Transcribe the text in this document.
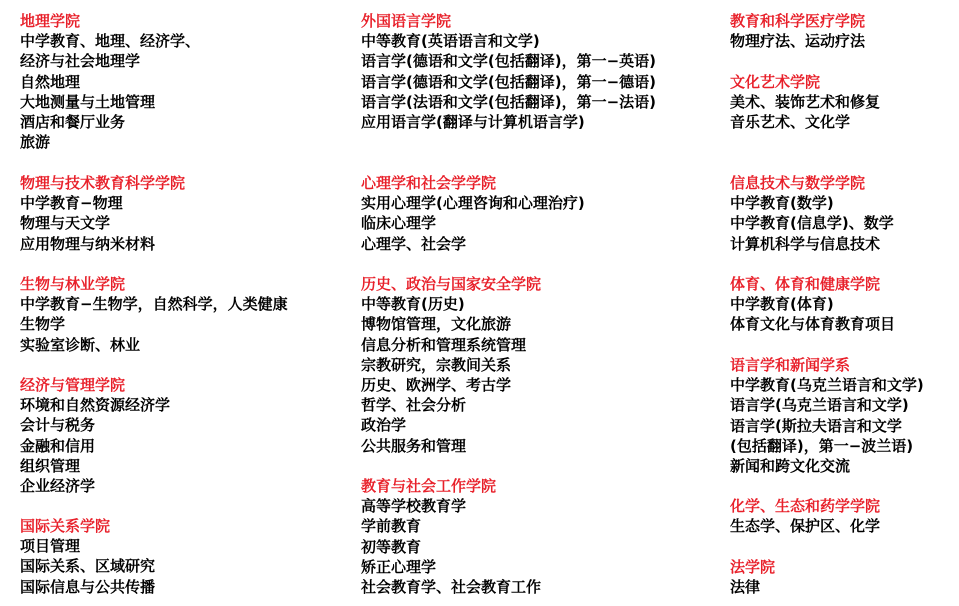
地理学院
中学教育、地理、经济学、
经济与社会地理学
自然地理
大地测量与土地管理
酒店和餐厅业务
旅游
物理与技术教育科学学院
中学教育−物理
物理与天文学
应用物理与纳米材料
生物与林业学院
中学教育−生物学，自然科学，人类健康
生物学
实验室诊断、林业
经济与管理学院
环境和自然资源经济学
会计与税务
金融和信用
组织管理
企业经济学
国际关系学院
项目管理
国际关系、区域研究
国际信息与公共传播
外国语言学院
中等教育(英语语言和文学)
语言学(德语和文学(包括翻译)，第一−英语)
语言学(德语和文学(包括翻译)，第一−德语)
语言学(法语和文学(包括翻译)，第一−法语)
应用语言学(翻译与计算机语言学)
心理学和社会学学院
实用心理学(心理咨询和心理治疗)
临床心理学
心理学、社会学
历史、政治与国家安全学院
中等教育(历史)
博物馆管理，文化旅游
信息分析和管理系统管理
宗教研究，宗教间关系
历史、欧洲学、考古学
哲学、社会分析
政治学
公共服务和管理
教育与社会工作学院
高等学校教育学
学前教育
初等教育
矫正心理学
社会教育学、社会教育工作
教育和科学医疗学院
物理疗法、运动疗法
文化艺术学院
美术、装饰艺术和修复
音乐艺术、文化学
信息技术与数学学院
中学教育(数学)
中学教育(信息学)、数学
计算机科学与信息技术
体育、体育和健康学院
中学教育(体育)
体育文化与体育教育项目
语言学和新闻学系
中学教育(乌克兰语言和文学)
语言学(乌克兰语言和文学)
语言学(斯拉夫语言和文学
(包括翻译)，第一−波兰语)
新闻和跨文化交流
化学、生态和药学学院
生态学、保护区、化学
法学院
法律
